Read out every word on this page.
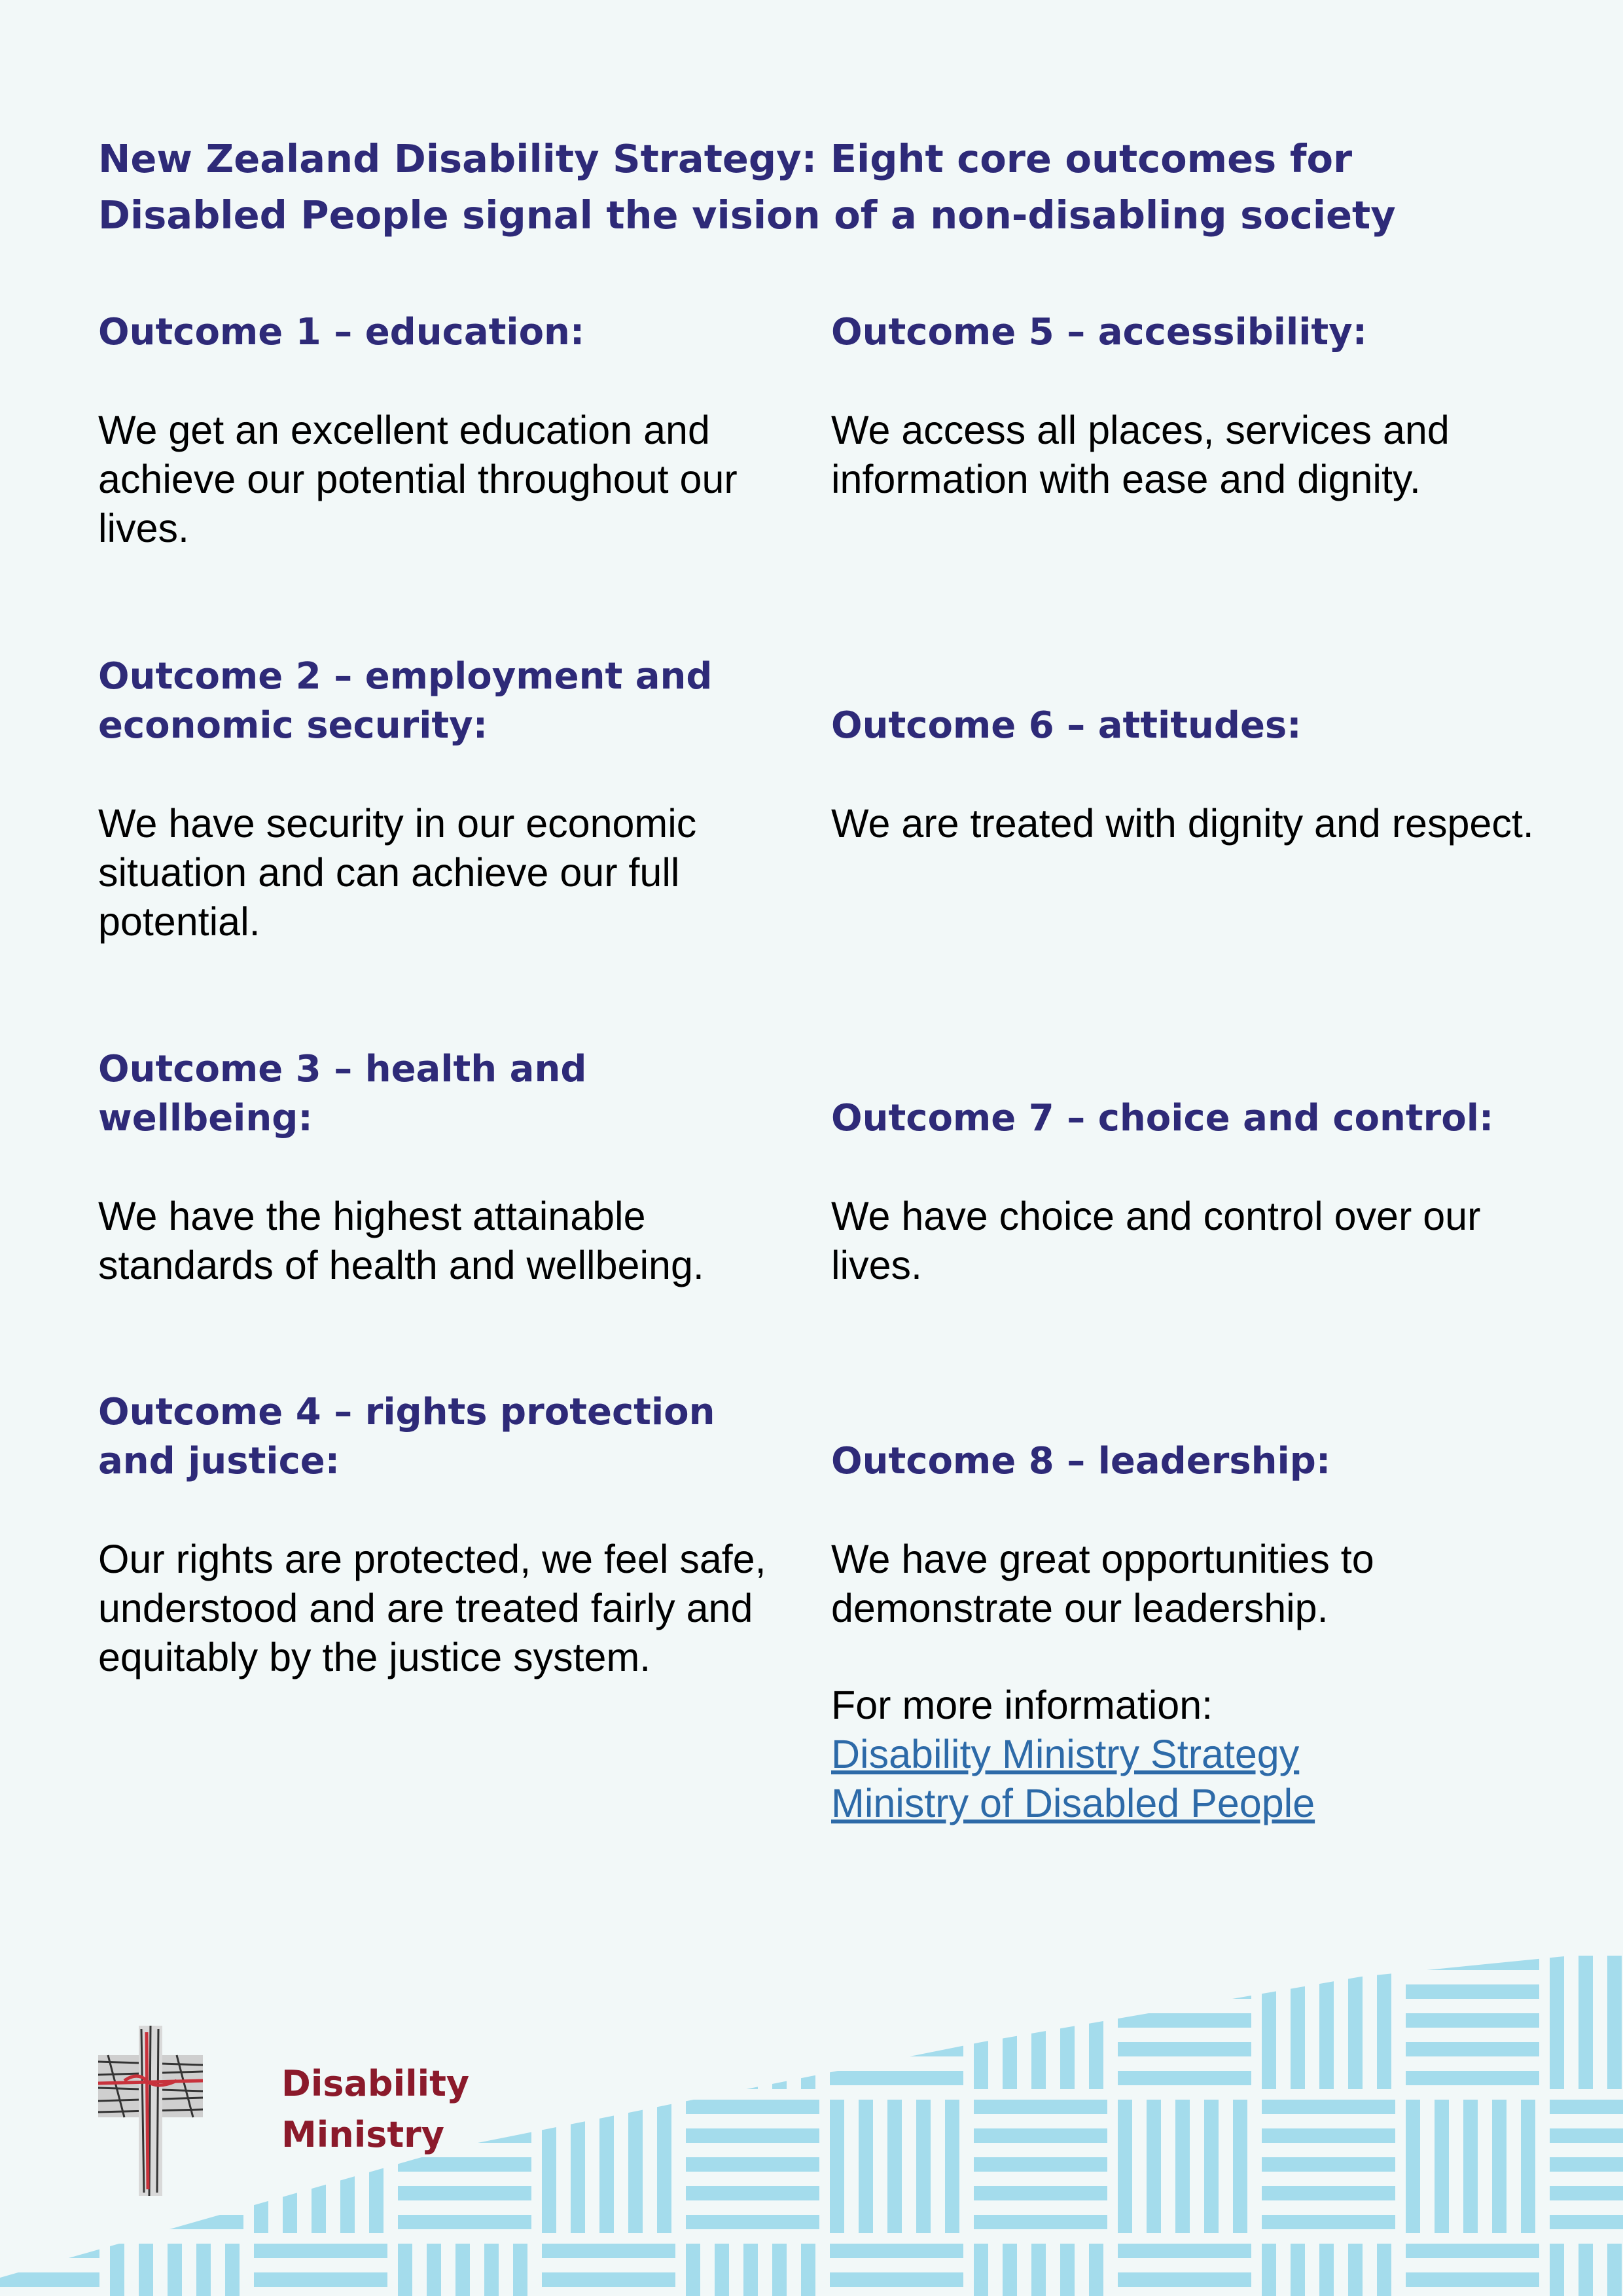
New Zealand Disability Strategy: Eight core outcomes for Disabled People signal the vision of a non-disabling society
Outcome 1 – education:

We get an excellent education and achieve our potential throughout our lives.

Outcome 2 – employment and economic security:

We have security in our economic situation and can achieve our full potential.

Outcome 3 – health and wellbeing:

We have the highest attainable standards of health and wellbeing.

Outcome 4 – rights protection and justice:

Our rights are protected, we feel safe, understood and are treated fairly and equitably by the justice system.

Outcome 5 – accessibility:

We access all places, services and information with ease and dignity.

Outcome 6 – attitudes:

We are treated with dignity and respect.

Outcome 7 – choice and control:

We have choice and control over our lives.

Outcome 8 – leadership:

We have great opportunities to demonstrate our leadership.

For more information:
Disability Ministry Strategy
Ministry of Disabled People
Disability
Ministry
